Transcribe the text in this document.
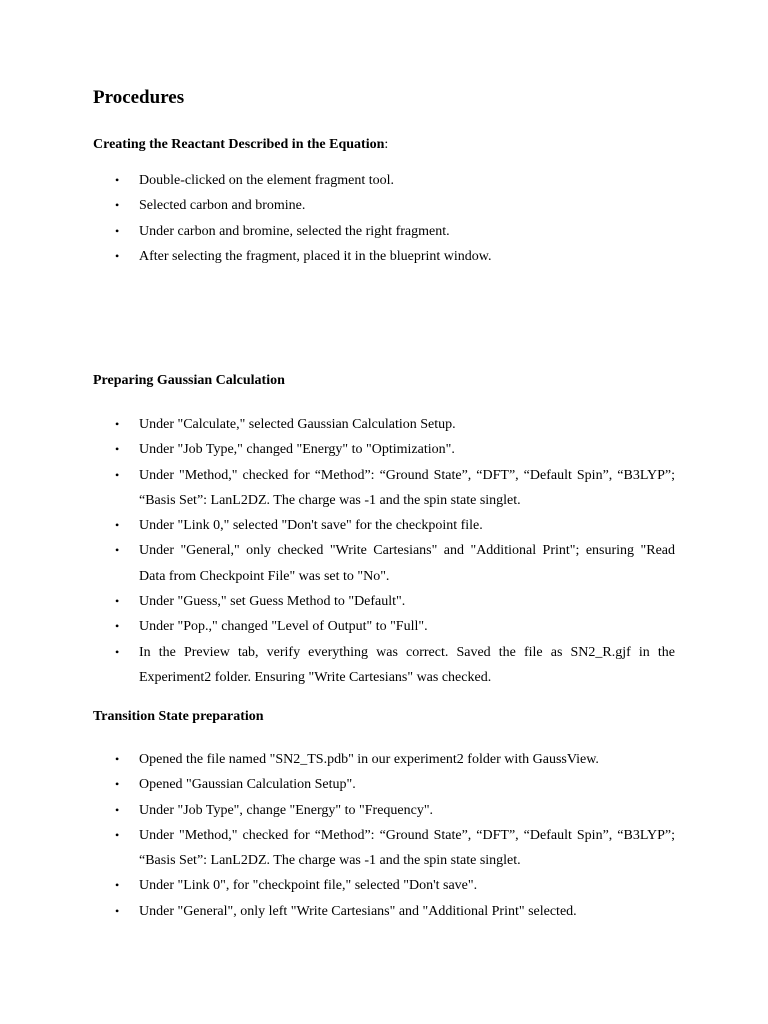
Procedures
Creating the Reactant Described in the Equation:
• Double-clicked on the element fragment tool.
• Selected carbon and bromine.
• Under carbon and bromine, selected the right fragment.
• After selecting the fragment, placed it in the blueprint window.
Preparing Gaussian Calculation
• Under "Calculate," selected Gaussian Calculation Setup.
• Under "Job Type," changed "Energy" to "Optimization".
• Under "Method," checked for “Method”: “Ground State”, “DFT”, “Default Spin”, “B3LYP”; “Basis Set”: LanL2DZ. The charge was -1 and the spin state singlet.
• Under "Link 0," selected "Don't save" for the checkpoint file.
• Under "General," only checked "Write Cartesians" and "Additional Print"; ensuring "Read Data from Checkpoint File" was set to "No".
• Under "Guess," set Guess Method to "Default".
• Under "Pop.," changed "Level of Output" to "Full".
• In the Preview tab, verify everything was correct. Saved the file as SN2_R.gjf in the Experiment2 folder. Ensuring "Write Cartesians" was checked.
Transition State preparation
• Opened the file named "SN2_TS.pdb" in our experiment2 folder with GaussView.
• Opened "Gaussian Calculation Setup".
• Under "Job Type", change "Energy" to "Frequency".
• Under "Method," checked for “Method”: “Ground State”, “DFT”, “Default Spin”, “B3LYP”; “Basis Set”: LanL2DZ. The charge was -1 and the spin state singlet.
• Under "Link 0", for "checkpoint file," selected "Don't save".
• Under "General", only left "Write Cartesians" and "Additional Print" selected.
